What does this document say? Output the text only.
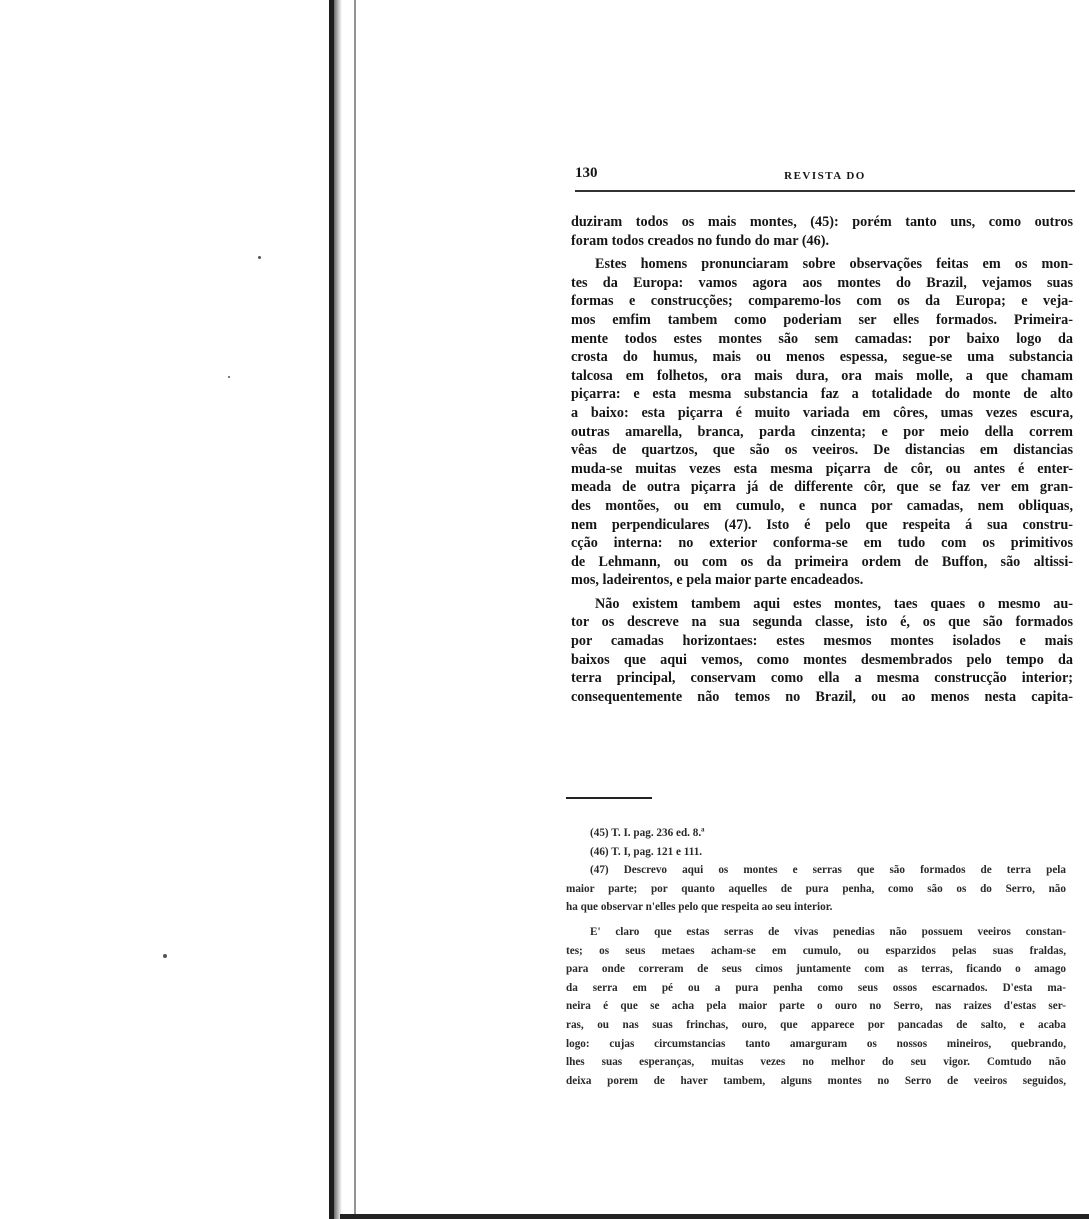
130	REVISTA DO
duziram todos os mais montes, (45): porém tanto uns, como outros
foram todos creados no fundo do mar (46).
Estes homens pronunciaram sobre observações feitas em os mon-
tes da Europa: vamos agora aos montes do Brazil, vejamos suas
formas e construcções; comparemo-los com os da Europa; e veja-
mos emfim tambem como poderiam ser elles formados. Primeira-
mente todos estes montes são sem camadas: por baixo logo da
crosta do humus, mais ou menos espessa, segue-se uma substancia
talcosa em folhetos, ora mais dura, ora mais molle, a que chamam
piçarra: e esta mesma substancia faz a totalidade do monte de alto
a baixo: esta piçarra é muito variada em côres, umas vezes escura,
outras amarella, branca, parda cinzenta; e por meio della correm
vêas de quartzos, que são os veeiros. De distancias em distancias
muda-se muitas vezes esta mesma piçarra de côr, ou antes é enter-
meada de outra piçarra já de differente côr, que se faz ver em gran-
des montões, ou em cumulo, e nunca por camadas, nem obliquas,
nem perpendiculares (47). Isto é pelo que respeita á sua constru-
cção interna: no exterior conforma-se em tudo com os primitivos
de Lehmann, ou com os da primeira ordem de Buffon, são altissi-
mos, ladeirentos, e pela maior parte encadeados.
Não existem tambem aqui estes montes, taes quaes o mesmo au-
tor os descreve na sua segunda classe, isto é, os que são formados
por camadas horizontaes: estes mesmos montes isolados e mais
baixos que aqui vemos, como montes desmembrados pelo tempo da
terra principal, conservam como ella a mesma construcção interior;
consequentemente não temos no Brazil, ou ao menos nesta capita-
(45) T. I. pag. 236 ed. 8.ª
(46) T. I, pag. 121 e 111.
(47) Descrevo aqui os montes e serras que são formados de terra pela
maior parte; por quanto aquelles de pura penha, como são os do Serro, não
ha que observar n'elles pelo que respeita ao seu interior.
E' claro que estas serras de vivas penedias não possuem veeiros constan-
tes; os seus metaes acham-se em cumulo, ou esparzidos pelas suas fraldas,
para onde correram de seus cimos juntamente com as terras, ficando o amago
da serra em pé ou a pura penha como seus ossos escarnados. D'esta ma-
neira é que se acha pela maior parte o ouro no Serro, nas raizes d'estas ser-
ras, ou nas suas frinchas, ouro, que apparece por pancadas de salto, e acaba
logo: cujas circumstancias tanto amarguram os nossos mineiros, quebrando,
lhes suas esperanças, muitas vezes no melhor do seu vigor. Comtudo não
deixa porem de haver tambem, alguns montes no Serro de veeiros seguidos,
